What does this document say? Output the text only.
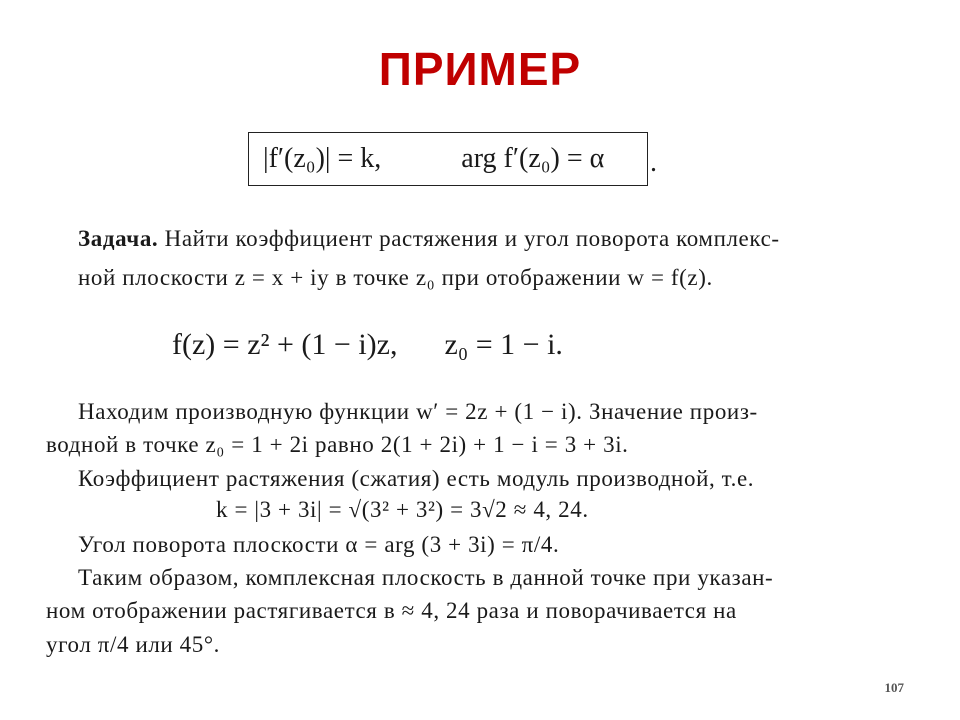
ПРИМЕР
|f′(z₀)| = k,	arg f′(z₀) = α .
Задача. Найти коэффициент растяжения и угол поворота комплекс-
ной плоскости z = x + iy в точке z₀ при отображении w = f(z).
f(z) = z² + (1 − i)z, z₀ = 1 − i.
Находим производную функции w′ = 2z + (1 − i). Значение произ-
водной в точке z₀ = 1 + 2i равно 2(1 + 2i) + 1 − i = 3 + 3i.
Коэффициент растяжения (сжатия) есть модуль производной, т.е.
k = |3 + 3i| = √(3² + 3²) = 3√2 ≈ 4, 24.
Угол поворота плоскости α = arg (3 + 3i) = π/4.
Таким образом, комплексная плоскость в данной точке при указан-
ном отображении растягивается в ≈ 4, 24 раза и поворачивается на
угол π/4 или 45°.
107
